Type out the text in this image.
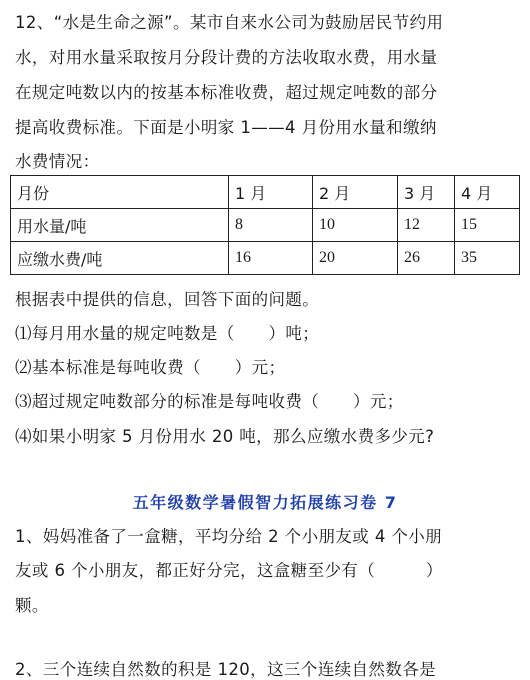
12、“水是生命之源”。某市自来水公司为鼓励居民节约用
水，对用水量采取按月分段计费的方法收取水费，用水量
在规定吨数以内的按基本标准收费，超过规定吨数的部分
提高收费标准。下面是小明家 1——4 月份用水量和缴纳
水费情况：
月份	1 月	2 月	3 月	4 月
用水量/吨	8	10	12	15
应缴水费/吨	16	20	26	35
根据表中提供的信息，回答下面的问题。
⑴每月用水量的规定吨数是（　　）吨；
⑵基本标准是每吨收费（　　）元；
⑶超过规定吨数部分的标准是每吨收费（　　）元；
⑷如果小明家 5 月份用水 20 吨，那么应缴水费多少元?
五年级数学暑假智力拓展练习卷 7
1、妈妈准备了一盒糖，平均分给 2 个小朋友或 4 个小朋
友或 6 个小朋友，都正好分完，这盒糖至少有（　　　）
颗。
2、三个连续自然数的积是 120，这三个连续自然数各是
